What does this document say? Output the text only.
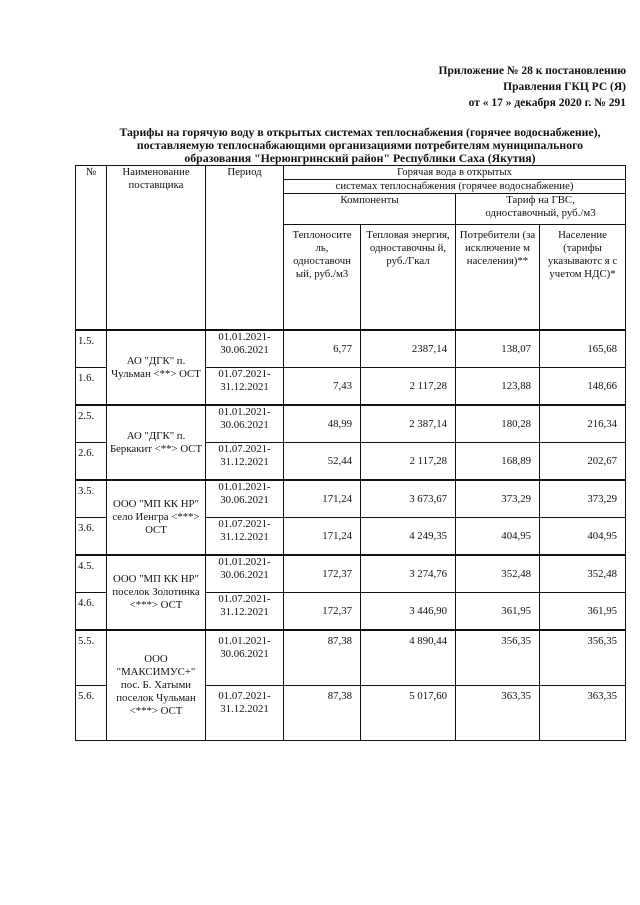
Приложение № 28 к постановлению
Правления ГКЦ РС (Я)
от « 17 » декабря 2020 г. № 291
Тарифы на горячую воду в открытых системах теплоснабжения (горячее водоснабжение),
поставляемую теплоснабжающими организациями потребителям муниципального
образования "Нерюнгринский район" Республики Саха (Якутия)
№	Наименование поставщика	Период	Горячая вода в открытых			
			системах теплоснабжения (горячее водоснабжение)			
			Компоненты		Тариф на ГВС,
одноставочный, руб./м3	

			Теплоносите ль, одноставочн ый, руб./м3	Тепловая энергия, одноставочны й, руб./Гкал	Потребители (за исключение м населения)**	Население (тарифы указываютс я с учетом НДС)*
1.5.	АО "ДГК" п. Чульман <**> ОСТ	01.01.2021-30.06.2021	6,77	2387,14	138,07	165,68
1.6.		01.07.2021-31.12.2021	7,43	2 117,28	123,88	148,66
2.5.	АО "ДГК" п. Беркакит <**> ОСТ	01.01.2021-30.06.2021	48,99	2 387,14	180,28	216,34
2.6.		01.07.2021-31.12.2021	52,44	2 117,28	168,89	202,67
3.5.	ООО "МП КК НР" село Иенгра <***> ОСТ	01.01.2021-30.06.2021	171,24	3 673,67	373,29	373,29
3.6.		01.07.2021-31.12.2021	171,24	4 249,35	404,95	404,95
4.5.	ООО "МП КК НР" поселок Золотинка <***> ОСТ	01.01.2021-30.06.2021	172,37	3 274,76	352,48	352,48
4.6.		01.07.2021-31.12.2021	172,37	3 446,90	361,95	361,95
5.5.	ООО "МАКСИМУС+" пос. Б. Хатыми поселок Чульман <***> ОСТ	01.01.2021-30.06.2021	87,38	4 890,44	356,35	356,35
5.6.		01.07.2021-31.12.2021	87,38	5 017,60	363,35	363,35
